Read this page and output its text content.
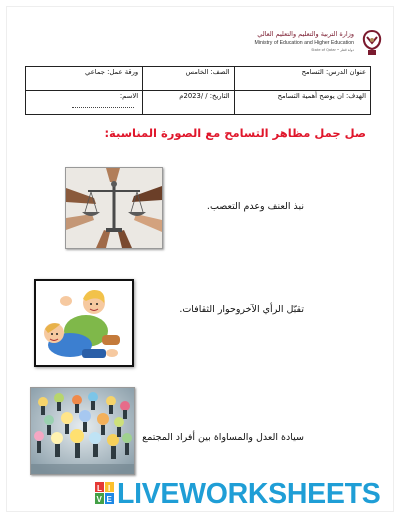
وزارة التربية والتعليم والتعليم العالي
Ministry of Education and Higher Education
دولة قطر • State of Qatar
عنوان الدرس: التسامح	الصف: الخامس	ورقة عمل: جماعي
الهدف: ان يوضح أهمية التسامح	التاريخ: / /2023م	الاسم:

صل جمل مظاهر التسامح مع الصورة المناسبة:
نبذ العنف وعدم التعصب.
تقبّل الرأي الآخروحوار الثقافات.
سيادة العدل والمساواة بين أفراد المجتمع
L I
V E LIVEWORKSHEETS
